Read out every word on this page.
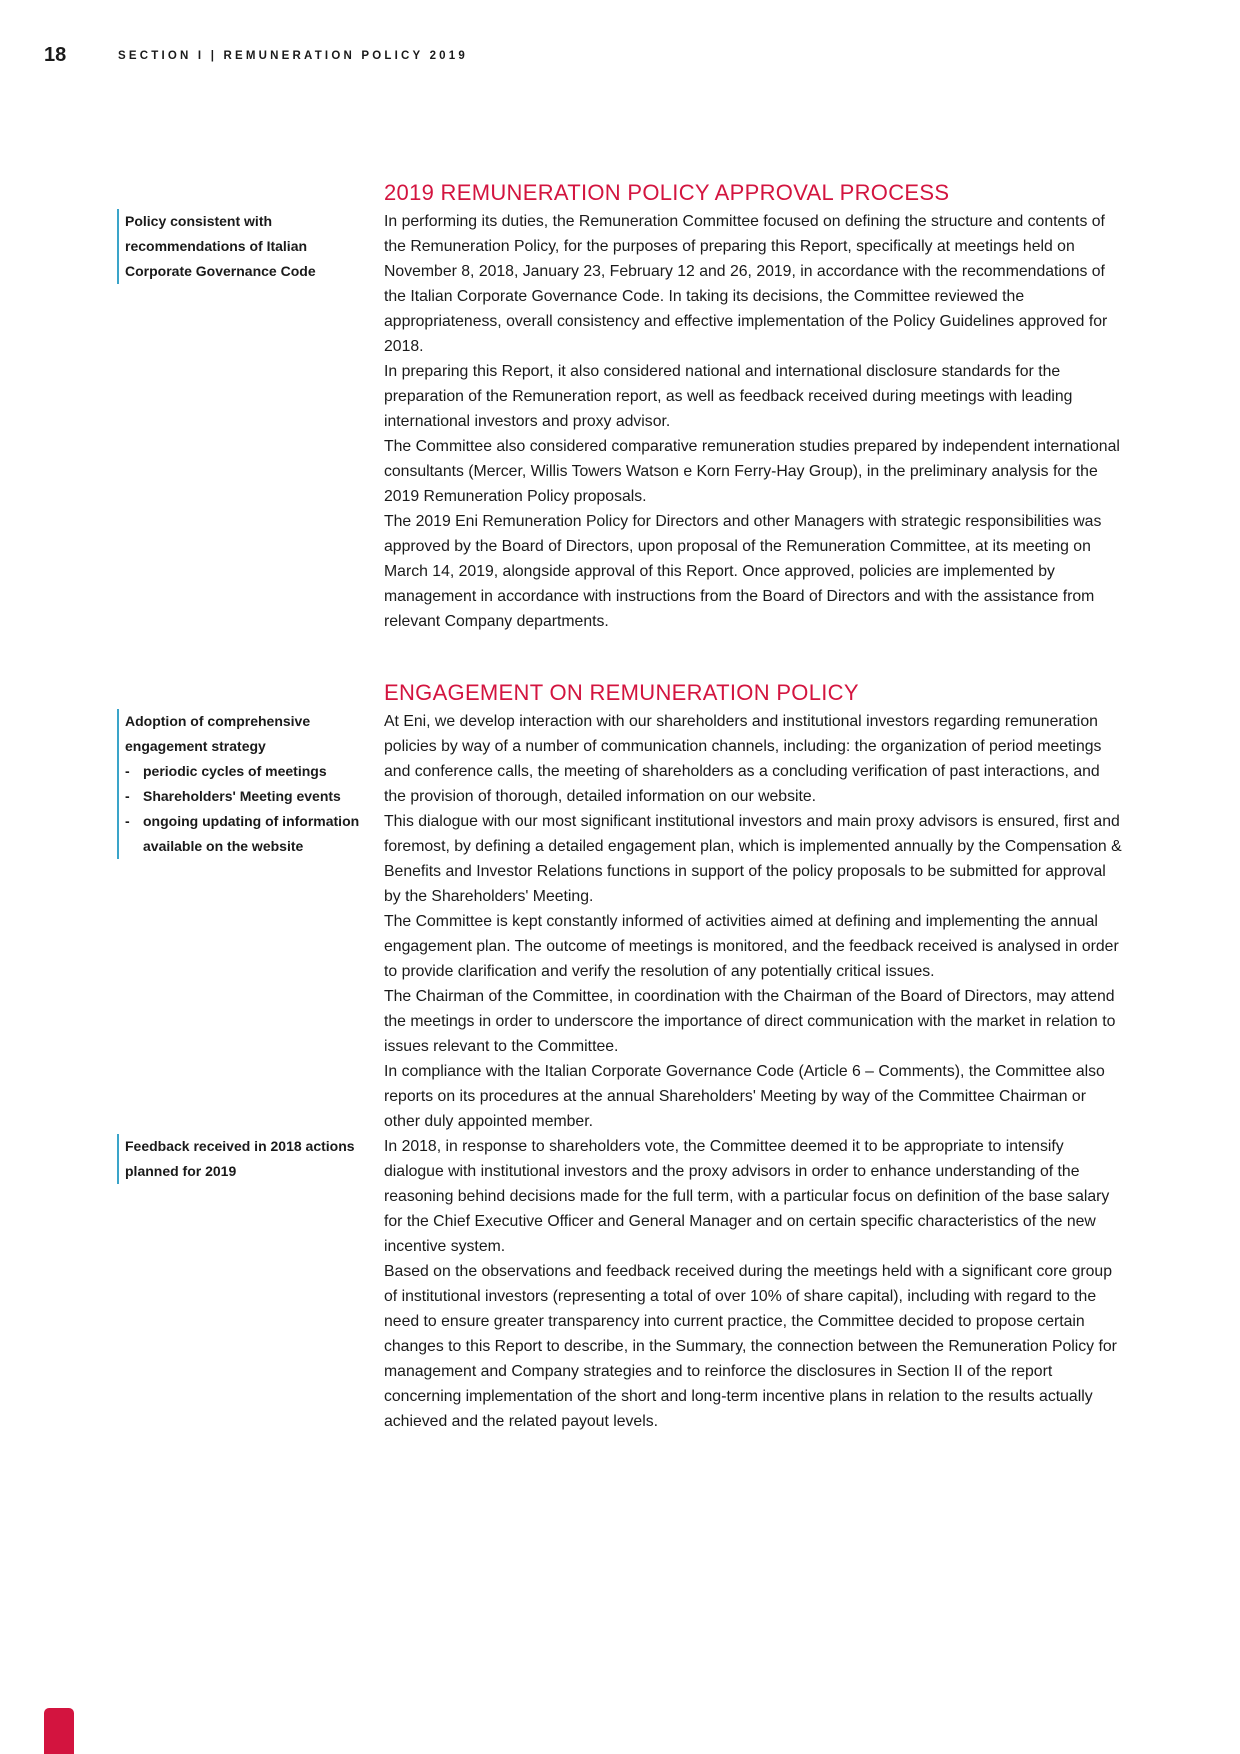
18	SECTION I | REMUNERATION POLICY 2019
2019 REMUNERATION POLICY APPROVAL PROCESS
Policy consistent with recommendations of Italian Corporate Governance Code

In performing its duties, the Remuneration Committee focused on defining the structure and contents of the Remuneration Policy, for the purposes of preparing this Report, specifically at meetings held on November 8, 2018, January 23, February 12 and 26, 2019, in accordance with the recommendations of the Italian Corporate Governance Code. In taking its decisions, the Committee reviewed the appropriateness, overall consistency and effective implementation of the Policy Guidelines approved for 2018.

In preparing this Report, it also considered national and international disclosure standards for the preparation of the Remuneration report, as well as feedback received during meetings with leading international investors and proxy advisor.

The Committee also considered comparative remuneration studies prepared by independent international consultants (Mercer, Willis Towers Watson e Korn Ferry-Hay Group), in the preliminary analysis for the 2019 Remuneration Policy proposals.

The 2019 Eni Remuneration Policy for Directors and other Managers with strategic responsibilities was approved by the Board of Directors, upon proposal of the Remuneration Committee, at its meeting on March 14, 2019, alongside approval of this Report. Once approved, policies are implemented by management in accordance with instructions from the Board of Directors and with the assistance from relevant Company departments.

ENGAGEMENT ON REMUNERATION POLICY
Adoption of comprehensive engagement strategy
- periodic cycles of meetings
- Shareholders' Meeting events
- ongoing updating of information available on the website
Feedback received in 2018 actions planned for 2019

At Eni, we develop interaction with our shareholders and institutional investors regarding remuneration policies by way of a number of communication channels, including: the organization of period meetings and conference calls, the meeting of shareholders as a concluding verification of past interactions, and the provision of thorough, detailed information on our website.

This dialogue with our most significant institutional investors and main proxy advisors is ensured, first and foremost, by defining a detailed engagement plan, which is implemented annually by the Compensation & Benefits and Investor Relations functions in support of the policy proposals to be submitted for approval by the Shareholders' Meeting.

The Committee is kept constantly informed of activities aimed at defining and implementing the annual engagement plan. The outcome of meetings is monitored, and the feedback received is analysed in order to provide clarification and verify the resolution of any potentially critical issues.

The Chairman of the Committee, in coordination with the Chairman of the Board of Directors, may attend the meetings in order to underscore the importance of direct communication with the market in relation to issues relevant to the Committee.

In compliance with the Italian Corporate Governance Code (Article 6 – Comments), the Committee also reports on its procedures at the annual Shareholders' Meeting by way of the Committee Chairman or other duly appointed member.

In 2018, in response to shareholders vote, the Committee deemed it to be appropriate to intensify dialogue with institutional investors and the proxy advisors in order to enhance understanding of the reasoning behind decisions made for the full term, with a particular focus on definition of the base salary for the Chief Executive Officer and General Manager and on certain specific characteristics of the new incentive system.

Based on the observations and feedback received during the meetings held with a significant core group of institutional investors (representing a total of over 10% of share capital), including with regard to the need to ensure greater transparency into current practice, the Committee decided to propose certain changes to this Report to describe, in the Summary, the connection between the Remuneration Policy for management and Company strategies and to reinforce the disclosures in Section II of the report concerning implementation of the short and long-term incentive plans in relation to the results actually achieved and the related payout levels.
